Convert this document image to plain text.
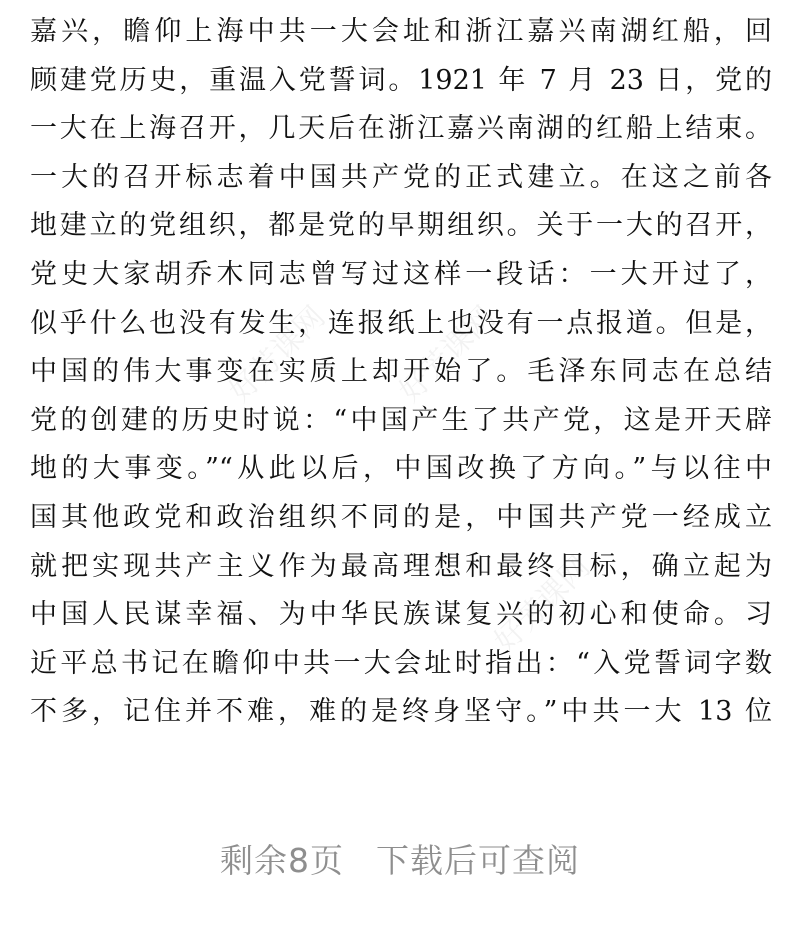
好芳课网 好芳课网
好芳课网
嘉兴，瞻仰上海中共一大会址和浙江嘉兴南湖红船，回
顾建党历史，重温入党誓词。1921 年 7 月 23 日，党的
一大在上海召开，几天后在浙江嘉兴南湖的红船上结束。
一大的召开标志着中国共产党的正式建立。在这之前各
地建立的党组织，都是党的早期组织。关于一大的召开，
党史大家胡乔木同志曾写过这样一段话：一大开过了，
似乎什么也没有发生，连报纸上也没有一点报道。但是，
中国的伟大事变在实质上却开始了。毛泽东同志在总结
党的创建的历史时说：“中国产生了共产党，这是开天辟
地的大事变。”“从此以后，中国改换了方向。”与以往中
国其他政党和政治组织不同的是，中国共产党一经成立
就把实现共产主义作为最高理想和最终目标，确立起为
中国人民谋幸福、为中华民族谋复兴的初心和使命。习
近平总书记在瞻仰中共一大会址时指出：“入党誓词字数
不多，记住并不难，难的是终身坚守。”中共一大 13 位
剩余8页 下载后可查阅
